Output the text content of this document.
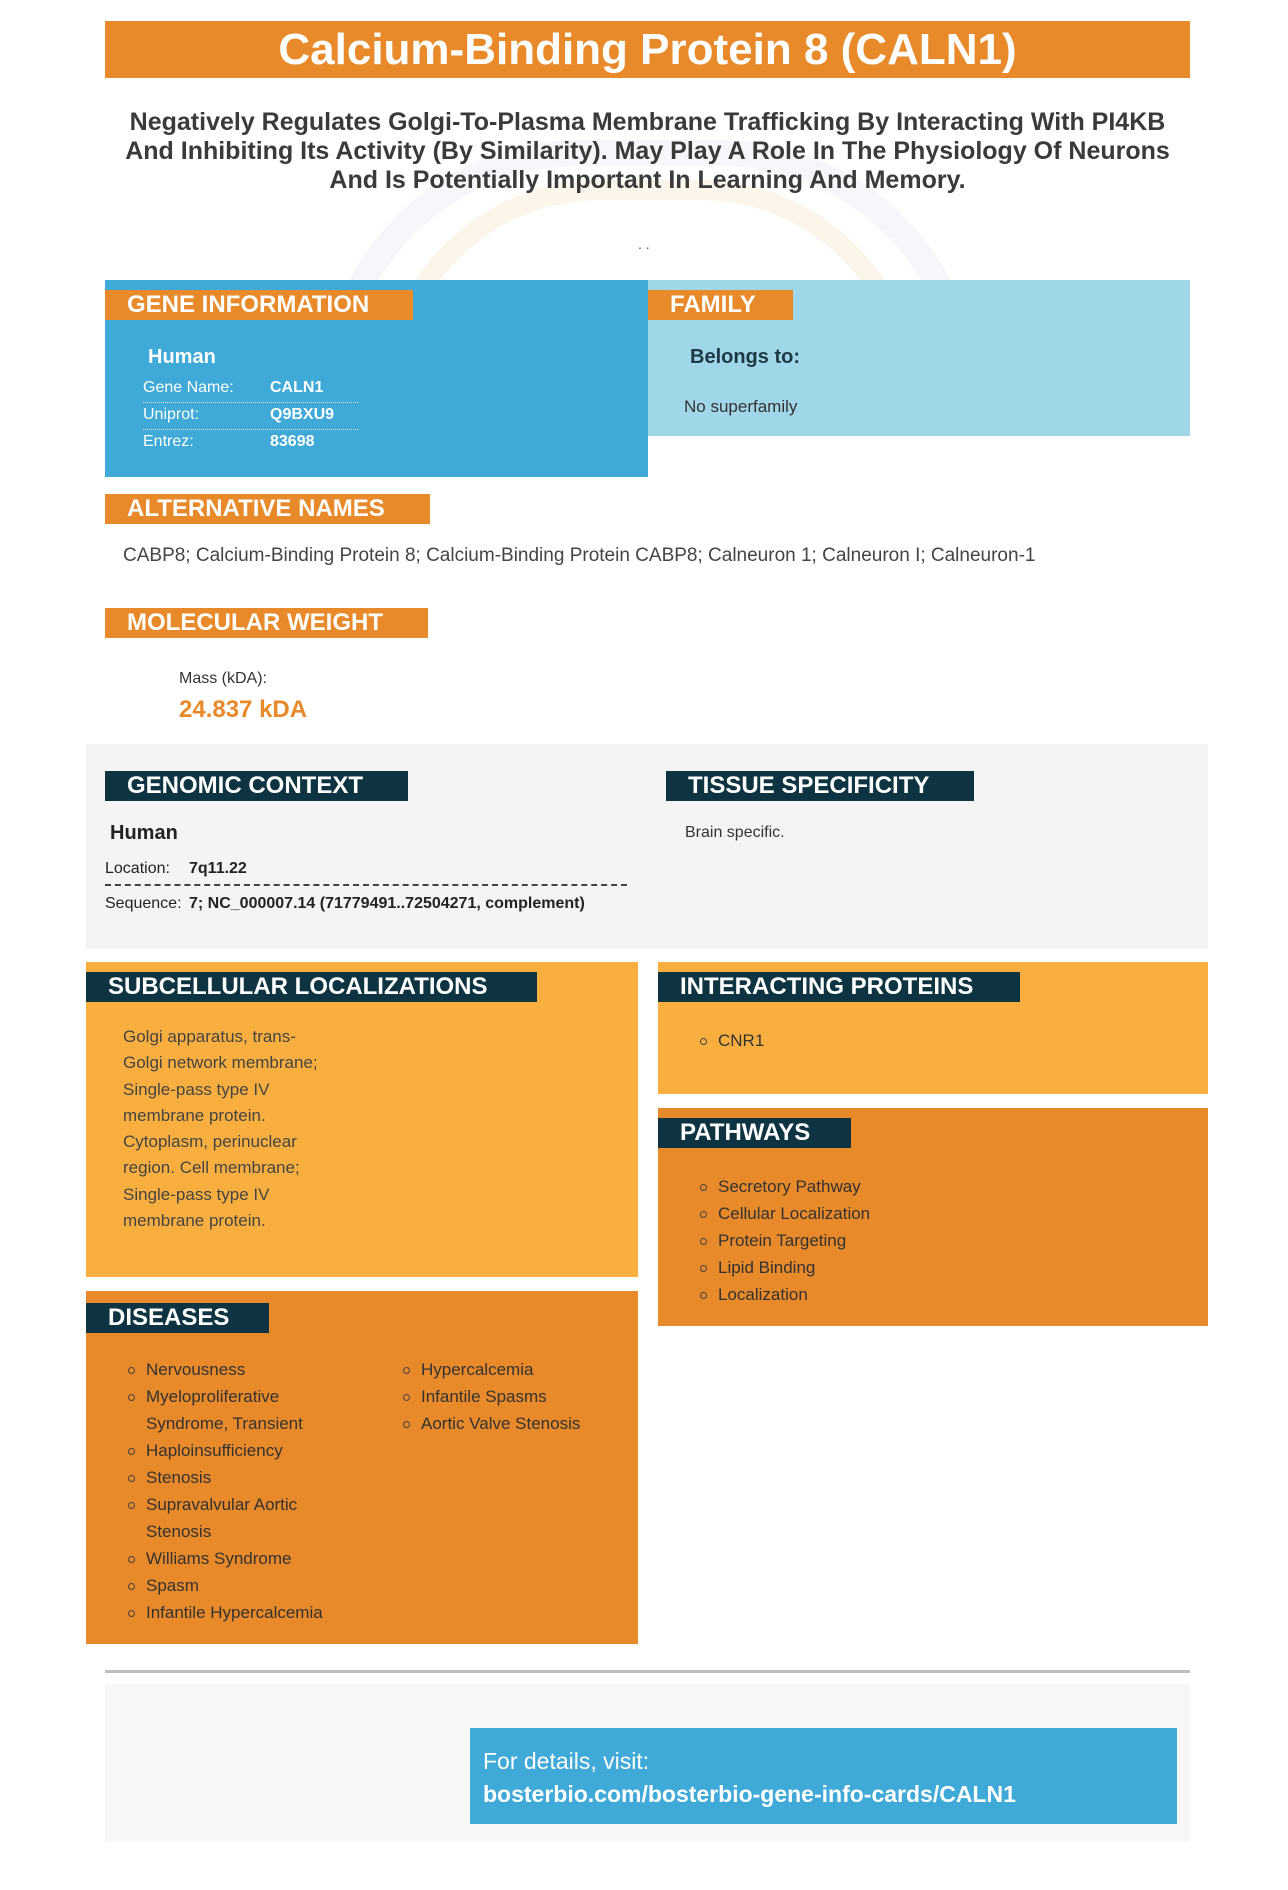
Calcium-Binding Protein 8 (CALN1)
Negatively Regulates Golgi-To-Plasma Membrane Trafficking By Interacting With PI4KB And Inhibiting Its Activity (By Similarity). May Play A Role In The Physiology Of Neurons And Is Potentially Important In Learning And Memory.
. .
GENE INFORMATION
Human
Gene Name: CALN1
Uniprot:	Q9BXU9
Entrez:	83698
FAMILY
Belongs to:
No superfamily
ALTERNATIVE NAMES
CABP8; Calcium-Binding Protein 8; Calcium-Binding Protein CABP8; Calneuron 1; Calneuron I; Calneuron-1
MOLECULAR WEIGHT
Mass (kDA):
24.837 kDA
GENOMIC CONTEXT
Human
Location: 7q11.22
Sequence: 7; NC_000007.14 (71779491..72504271, complement)
TISSUE SPECIFICITY
Brain specific.
SUBCELLULAR LOCALIZATIONS
Golgi apparatus, trans-
Golgi network membrane;
Single-pass type IV
membrane protein.
Cytoplasm, perinuclear
region. Cell membrane;
Single-pass type IV
membrane protein.
INTERACTING PROTEINS
CNR1
PATHWAYS
Secretory Pathway
Cellular Localization
Protein Targeting
Lipid Binding
Localization
DISEASES
Nervousness
Myeloproliferative Syndrome, Transient
Haploinsufficiency
Stenosis
Supravalvular Aortic Stenosis
Williams Syndrome
Spasm
Infantile Hypercalcemia
Hypercalcemia
Infantile Spasms
Aortic Valve Stenosis
For details, visit:
bosterbio.com/bosterbio-gene-info-cards/CALN1
